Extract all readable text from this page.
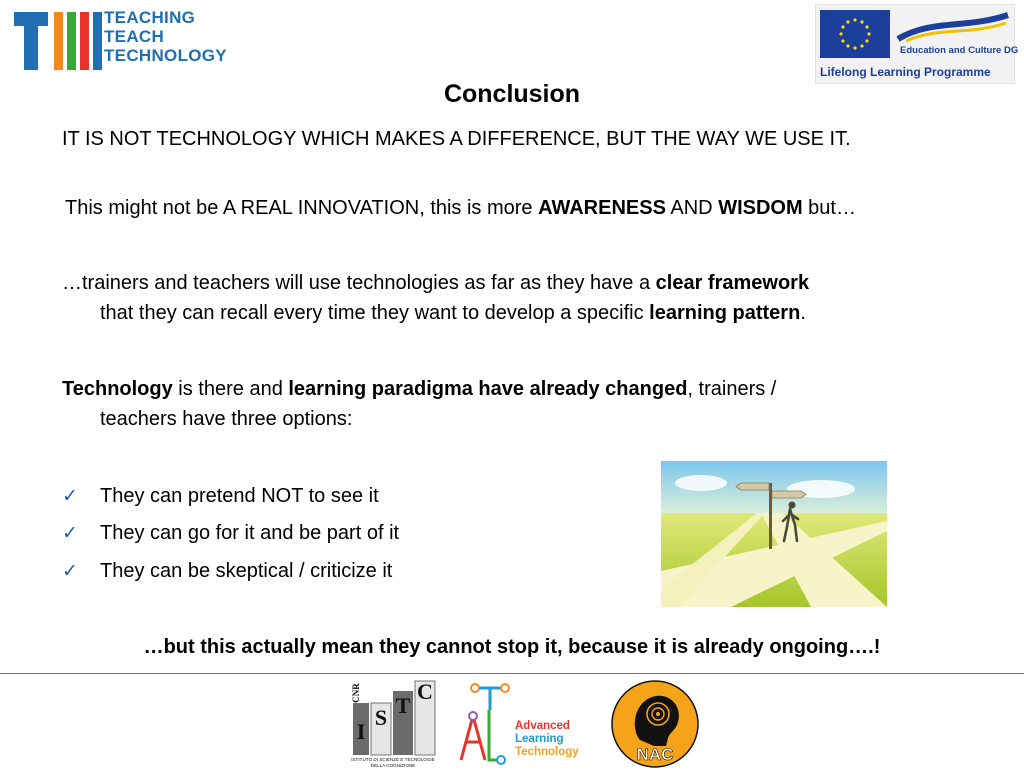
TEACHING
TEACH
TECHNOLOGY	Education and Culture DG
Lifelong Learning Programme
Conclusion
IT IS NOT TECHNOLOGY WHICH MAKES A DIFFERENCE, BUT THE WAY WE USE IT.
This might not be A REAL INNOVATION, this is more AWARENESS AND WISDOM but…
…trainers and teachers will use technologies as far as they have a clear framework
that they can recall every time they want to develop a specific learning pattern.
Technology is there and learning paradigma have already changed, trainers /
teachers have three options:
✓ They can pretend NOT to see it
✓ They can go for it and be part of it
✓ They can be skeptical / criticize it
…but this actually mean they cannot stop it, because it is already ongoing….!
I
S T
C
CNR
ISTITUTO DI SCIENZE E TECNOLOGIE
DELLA COGNIZIONE
Advanced
Learning
Technology	NAC
